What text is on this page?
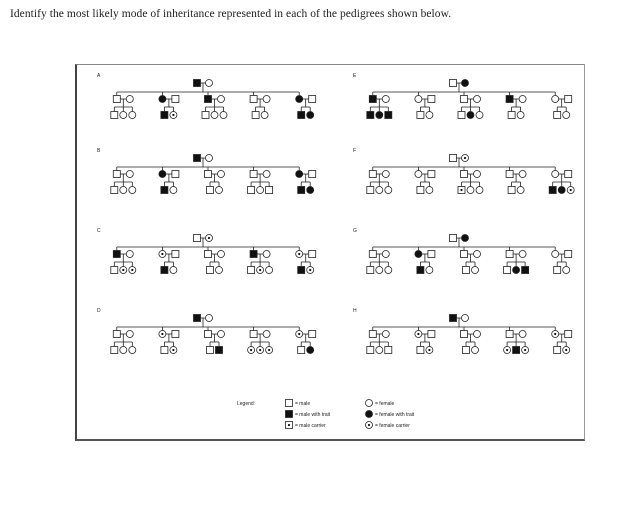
Identify the most likely mode of inheritance represented in each of the pedigrees shown below.
A
B
C
D
E
F
G
H
Legend:	= male
= male with trait
= male carrier
= female
= female with trait
= female carrier
